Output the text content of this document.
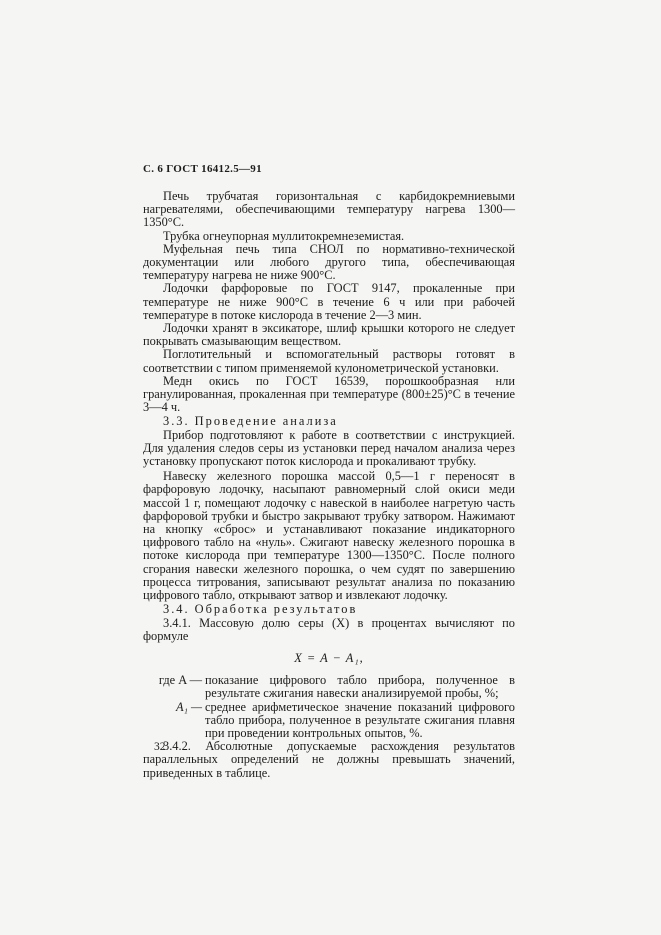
С. 6 ГОСТ 16412.5—91

Печь трубчатая горизонтальная с карбидокремниевыми нагревателями, обеспечивающими температуру нагрева 1300—1350°С.

Трубка огнеупорная муллитокремнеземистая.

Муфельная печь типа СНОЛ по нормативно-технической документации или любого другого типа, обеспечивающая температуру нагрева не ниже 900°С.

Лодочки фарфоровые по ГОСТ 9147, прокаленные при температуре не ниже 900°С в течение 6 ч или при рабочей температуре в потоке кислорода в течение 2—3 мин.

Лодочки хранят в эксикаторе, шлиф крышки которого не следует покрывать смазывающим веществом.

Поглотительный и вспомогательный растворы готовят в соответствии с типом применяемой кулонометрической установки.

Медн окись по ГОСТ 16539, порошкообразная нли гранулированная, прокаленная при температуре (800±25)°С в течение 3—4 ч.

3.3. Проведение анализа

Прибор подготовляют к работе в соответствии с инструкцией. Для удаления следов серы из установки перед началом анализа через установку пропускают поток кислорода и прокаливают трубку.

Навеску железного порошка массой 0,5—1 г переносят в фарфоровую лодочку, насыпают равномерный слой окиси меди массой 1 г, помещают лодочку с навеской в наиболее нагретую часть фарфоровой трубки и быстро закрывают трубку затвором. Нажимают на кнопку «сброс» и устанавливают показание индикаторного цифрового табло на «нуль». Сжигают навеску железного порошка в потоке кислорода при температуре 1300—1350°С. После полного сгорания навески железного порошка, о чем судят по завершению процесса титрования, записывают результат анализа по показанию цифрового табло, открывают затвор и извлекают лодочку.

3.4. Обработка результатов

3.4.1. Массовую долю серы (Х) в процентах вычисляют по формуле

X = A − A₁,
где A — показание цифрового табло прибора, полученное в результате сжигания навески анализируемой пробы, %;
A₁ — среднее арифметическое значение показаний цифрового табло прибора, полученное в результате сжигания плавня при проведении контрольных опытов, %.

3.4.2. Абсолютные допускаемые расхождения результатов параллельных определений не должны превышать значений, приведенных в таблице.

32
